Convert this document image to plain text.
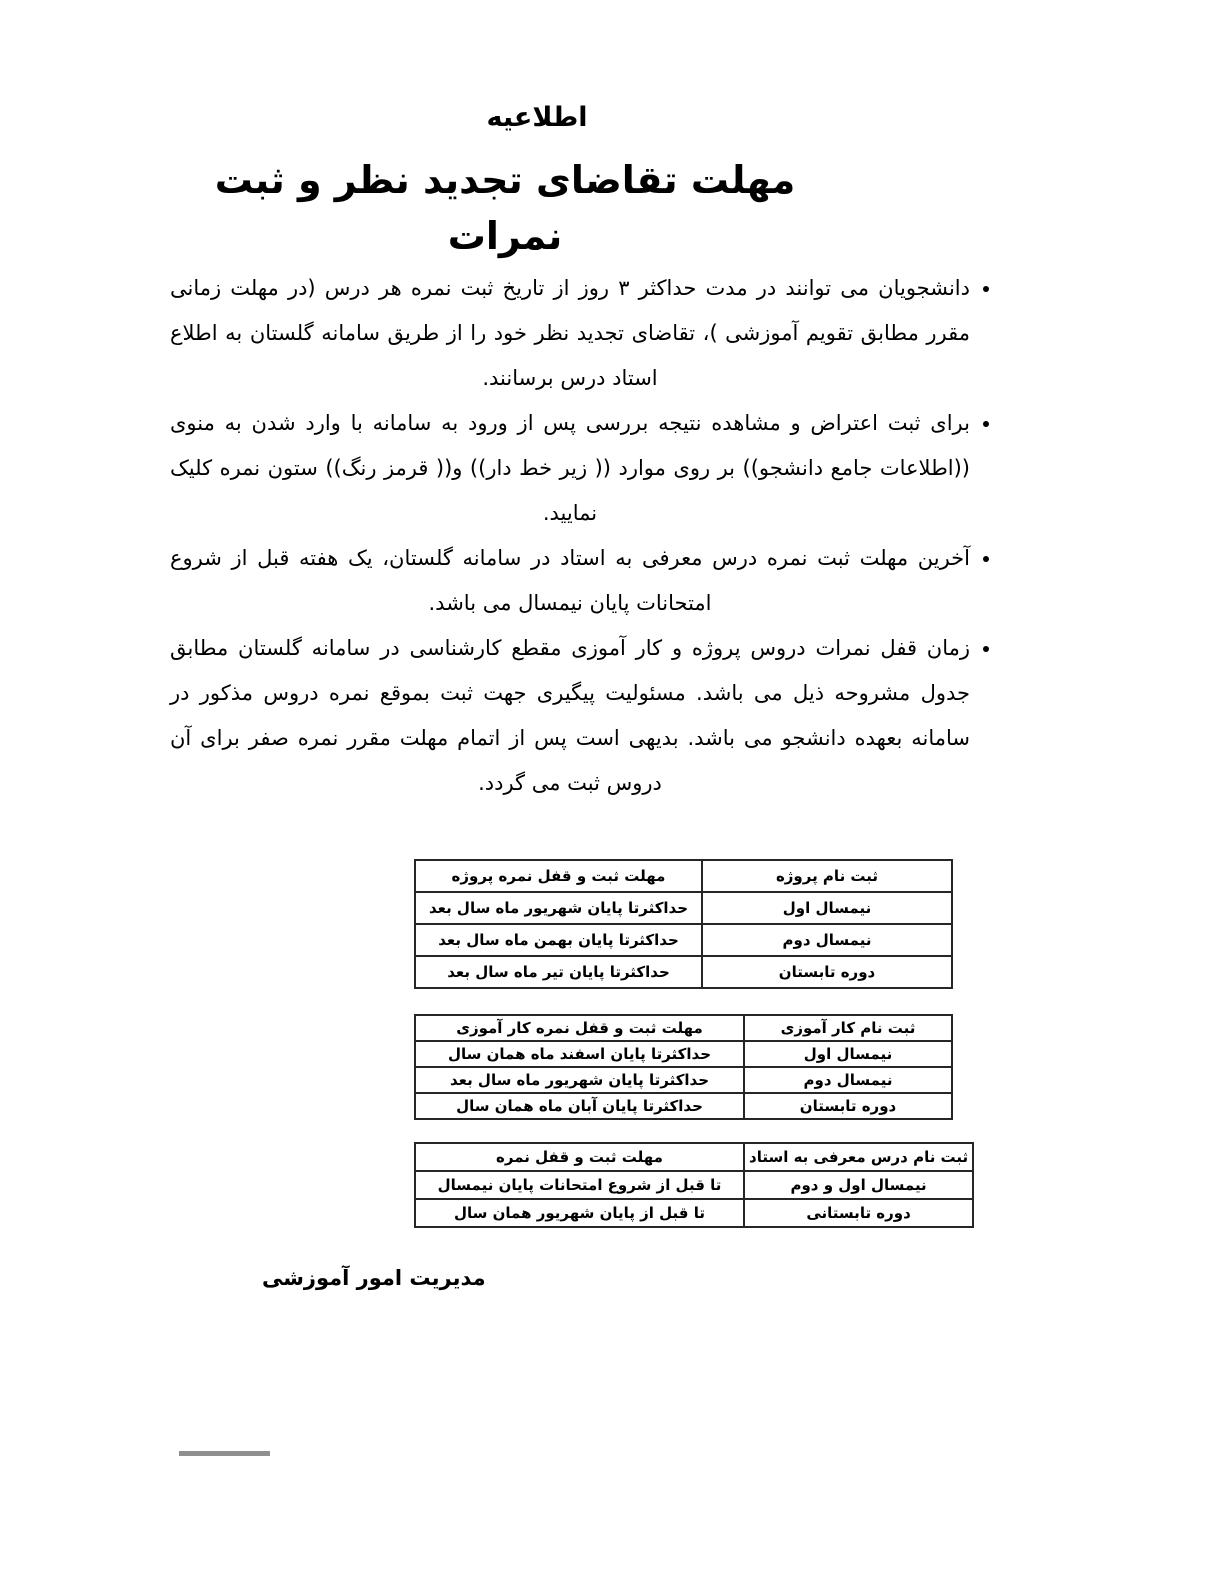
اطلاعیه
مهلت تقاضای تجدید نظر و ثبت نمرات
• دانشجویان می توانند در مدت حداکثر ۳ روز از تاریخ ثبت نمره هر درس (در مهلت زمانی مقرر مطابق تقویم آموزشی )، تقاضای تجدید نظر خود را از طریق سامانه گلستان به اطلاع استاد درس برسانند.
• برای ثبت اعتراض و مشاهده نتیجه بررسی پس از ورود به سامانه با وارد شدن به منوی ((اطلاعات جامع دانشجو)) بر روی موارد (( زیر خط دار)) و(( قرمز رنگ)) ستون نمره کلیک نمایید.
• آخرین مهلت ثبت نمره درس معرفی به استاد در سامانه گلستان، یک هفته قبل از شروع امتحانات پایان نیمسال می باشد.
• زمان قفل نمرات دروس پروژه و کار آموزی مقطع کارشناسی در سامانه گلستان مطابق جدول مشروحه ذیل می باشد. مسئولیت پیگیری جهت ثبت بموقع نمره دروس مذکور در سامانه بعهده دانشجو می باشد. بدیهی است پس از اتمام مهلت مقرر نمره صفر برای آن دروس ثبت می گردد.
ثبت نام پروژه	مهلت ثبت و قفل نمره پروژه
نیمسال اول	حداکثرتا پایان شهریور ماه سال بعد
نیمسال دوم	حداکثرتا پایان بهمن ماه سال بعد
دوره تابستان	حداکثرتا پایان تیر ماه سال بعد
ثبت نام کار آموزی	مهلت ثبت و قفل نمره کار آموزی
نیمسال اول	حداکثرتا پایان اسفند ماه همان سال
نیمسال دوم	حداکثرتا پایان شهریور ماه سال بعد
دوره تابستان	حداکثرتا پایان آبان ماه همان سال
ثبت نام درس معرفی به استاد	مهلت ثبت و قفل نمره
نیمسال اول و دوم	تا قبل از شروع امتحانات پایان نیمسال
دوره تابستانی	تا قبل از پایان شهریور همان سال
مدیریت امور آموزشی
